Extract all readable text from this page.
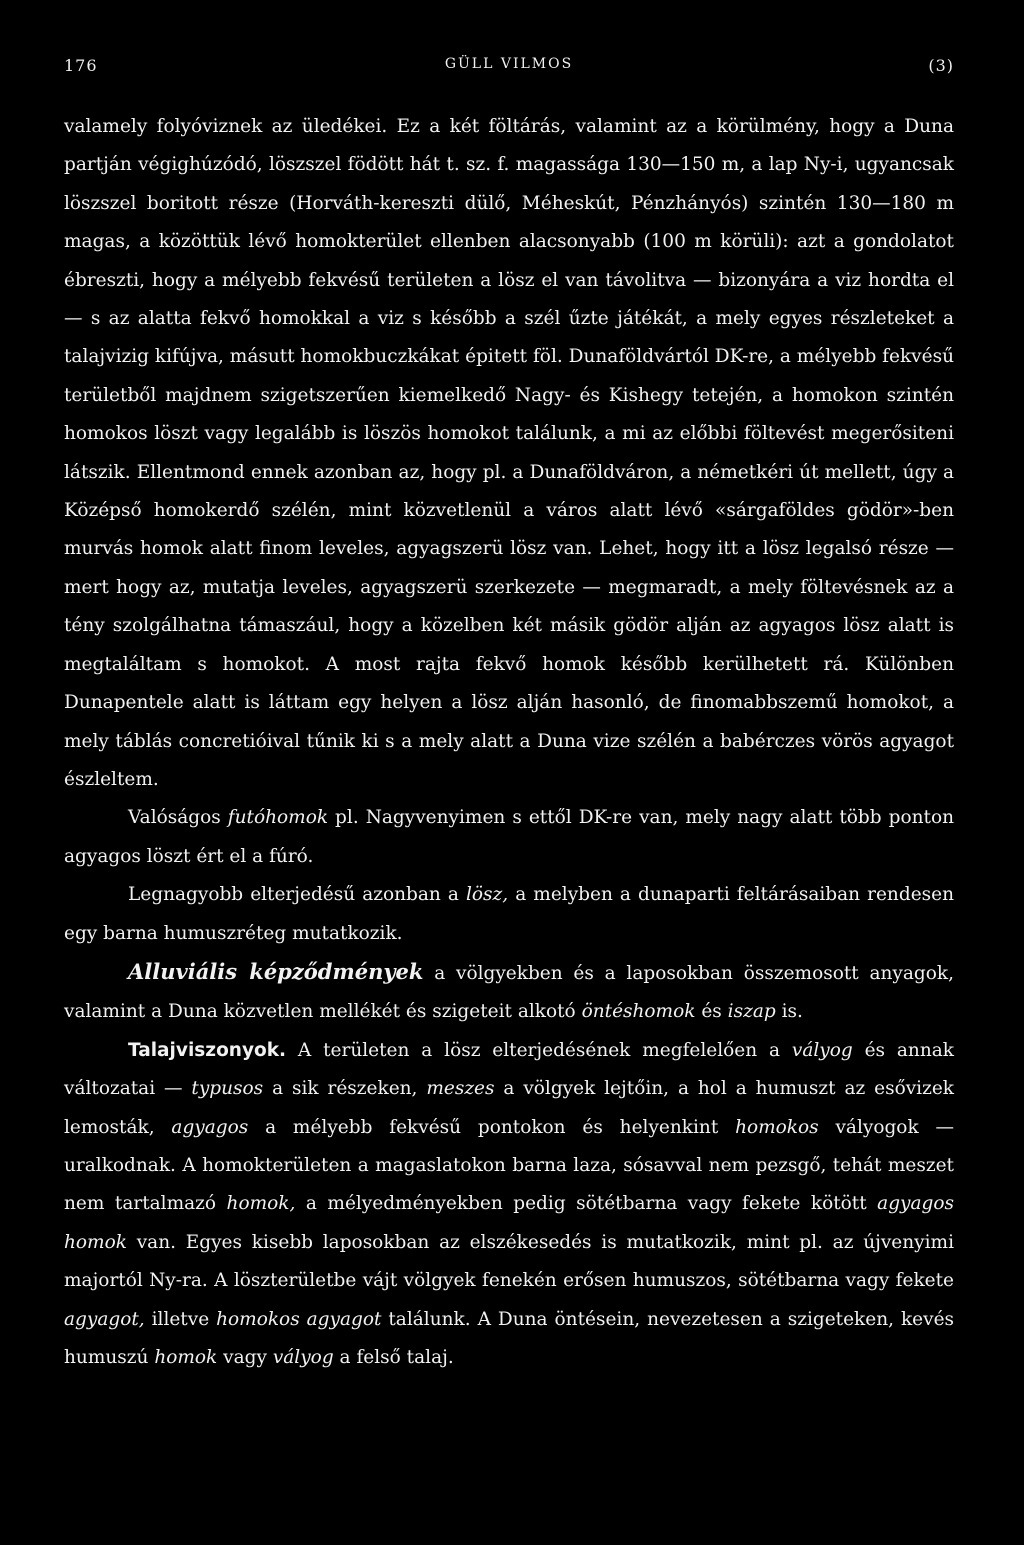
176	GÜLL VILMOS	(3)

valamely folyóviznek az üledékei. Ez a két föltárás, valamint az a körülmény, hogy a Duna partján végighúzódó, löszszel födött hát t. sz. f. magassága 130—150 m, a lap Ny-i, ugyancsak löszszel boritott része (Horváth-kereszti dülő, Méheskút, Pénzhányós) szintén 130—180 m magas, a közöttük lévő homokterület ellenben alacsonyabb (100 m körüli): azt a gondolatot ébreszti, hogy a mélyebb fekvésű területen a lösz el van távolitva — bizonyára a viz hordta el — s az alatta fekvő homokkal a viz s később a szél űzte játékát, a mely egyes részleteket a talajvizig kifújva, másutt homokbuczkákat épitett föl. Dunaföldvártól DK-re, a mélyebb fekvésű területből majdnem szigetszerűen kiemelkedő Nagy- és Kishegy tetején, a homokon szintén homokos löszt vagy legalább is löszös homokot találunk, a mi az előbbi föltevést megerősiteni látszik. Ellentmond ennek azonban az, hogy pl. a Dunaföldváron, a németkéri út mellett, úgy a Középső homokerdő szélén, mint közvetlenül a város alatt lévő «sárgaföldes gödör»-ben murvás homok alatt finom leveles, agyagszerü lösz van. Lehet, hogy itt a lösz legalsó része — mert hogy az, mutatja leveles, agyagszerü szerkezete — megmaradt, a mely föltevésnek az a tény szolgálhatna támaszául, hogy a közelben két másik gödör alján az agyagos lösz alatt is megtaláltam s homokot. A most rajta fekvő homok később kerülhetett rá. Különben Dunapentele alatt is láttam egy helyen a lösz alján hasonló, de finomabbszemű homokot, a mely táblás concretióival tűnik ki s a mely alatt a Duna vize szélén a babérczes vörös agyagot észleltem.

Valóságos futóhomok pl. Nagyvenyimen s ettől DK-re van, mely nagy alatt több ponton agyagos löszt ért el a fúró.

Legnagyobb elterjedésű azonban a lösz, a melyben a dunaparti feltárásaiban rendesen egy barna humuszréteg mutatkozik.

Alluviális képződmények a völgyekben és a laposokban összemosott anyagok, valamint a Duna közvetlen mellékét és szigeteit alkotó öntéshomok és iszap is.

Talajviszonyok. A területen a lösz elterjedésének megfelelően a vályog és annak változatai — typusos a sik részeken, meszes a völgyek lejtőin, a hol a humuszt az esővizek lemosták, agyagos a mélyebb fekvésű pontokon és helyenkint homokos vályogok — uralkodnak. A homokterületen a magaslatokon barna laza, sósavval nem pezsgő, tehát meszet nem tartalmazó homok, a mélyedményekben pedig sötétbarna vagy fekete kötött agyagos homok van. Egyes kisebb laposokban az elszékesedés is mutatkozik, mint pl. az újvenyimi majortól Ny-ra. A löszterületbe vájt völgyek fenekén erősen humuszos, sötétbarna vagy fekete agyagot, illetve homokos agyagot találunk. A Duna öntésein, nevezetesen a szigeteken, kevés humuszú homok vagy vályog a felső talaj.
